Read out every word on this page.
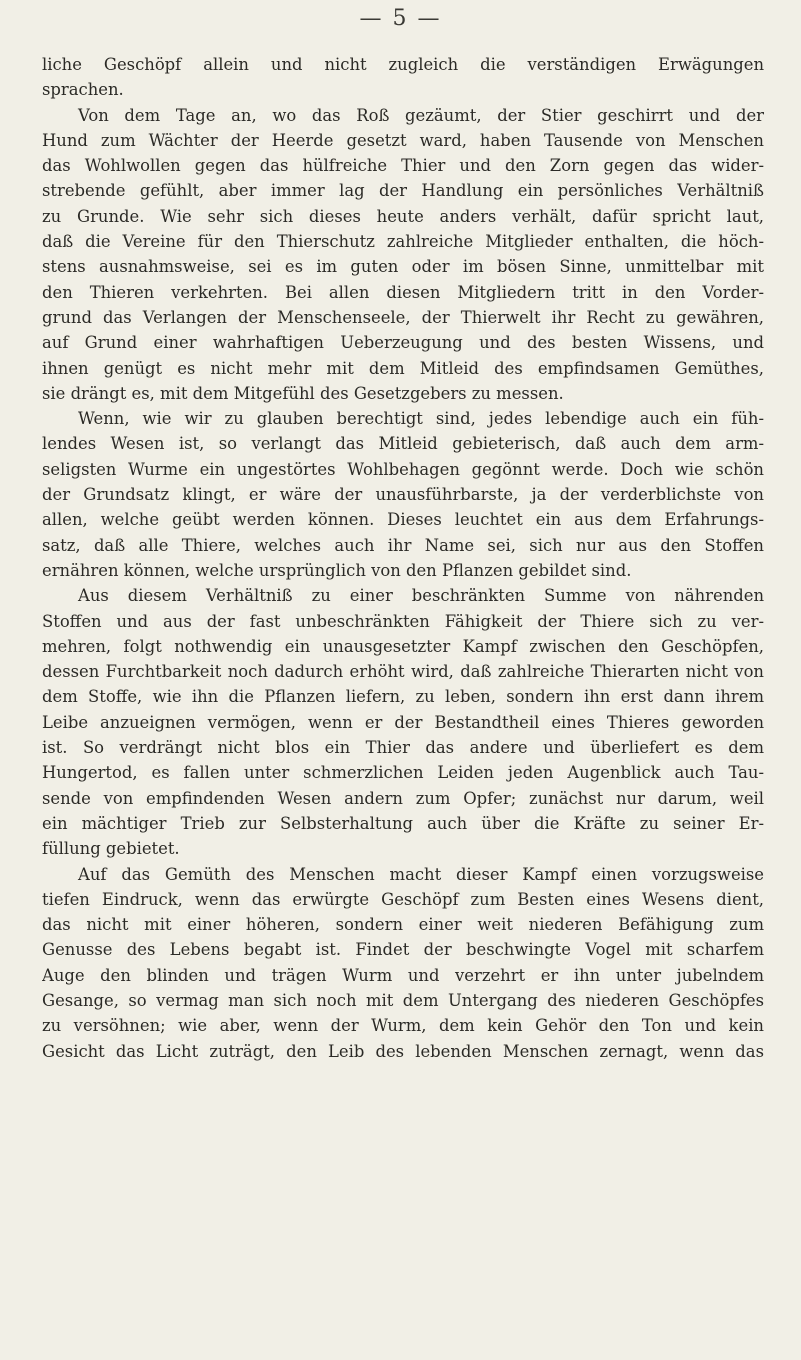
— 5 —
liche Geschöpf allein und nicht zugleich die verständigen Erwägungen
sprachen.
Von dem Tage an, wo das Roß gezäumt, der Stier geschirrt und der
Hund zum Wächter der Heerde gesetzt ward, haben Tausende von Menschen
das Wohlwollen gegen das hülfreiche Thier und den Zorn gegen das wider-
strebende gefühlt, aber immer lag der Handlung ein persönliches Verhältniß
zu Grunde. Wie sehr sich dieses heute anders verhält, dafür spricht laut,
daß die Vereine für den Thierschutz zahlreiche Mitglieder enthalten, die höch-
stens ausnahmsweise, sei es im guten oder im bösen Sinne, unmittelbar mit
den Thieren verkehrten. Bei allen diesen Mitgliedern tritt in den Vorder-
grund das Verlangen der Menschenseele, der Thierwelt ihr Recht zu gewähren,
auf Grund einer wahrhaftigen Ueberzeugung und des besten Wissens, und
ihnen genügt es nicht mehr mit dem Mitleid des empfindsamen Gemüthes,
sie drängt es, mit dem Mitgefühl des Gesetzgebers zu messen.
Wenn, wie wir zu glauben berechtigt sind, jedes lebendige auch ein füh-
lendes Wesen ist, so verlangt das Mitleid gebieterisch, daß auch dem arm-
seligsten Wurme ein ungestörtes Wohlbehagen gegönnt werde. Doch wie schön
der Grundsatz klingt, er wäre der unausführbarste, ja der verderblichste von
allen, welche geübt werden können. Dieses leuchtet ein aus dem Erfahrungs-
satz, daß alle Thiere, welches auch ihr Name sei, sich nur aus den Stoffen
ernähren können, welche ursprünglich von den Pflanzen gebildet sind.
Aus diesem Verhältniß zu einer beschränkten Summe von nährenden
Stoffen und aus der fast unbeschränkten Fähigkeit der Thiere sich zu ver-
mehren, folgt nothwendig ein unausgesetzter Kampf zwischen den Geschöpfen,
dessen Furchtbarkeit noch dadurch erhöht wird, daß zahlreiche Thierarten nicht von
dem Stoffe, wie ihn die Pflanzen liefern, zu leben, sondern ihn erst dann ihrem
Leibe anzueignen vermögen, wenn er der Bestandtheil eines Thieres geworden
ist. So verdrängt nicht blos ein Thier das andere und überliefert es dem
Hungertod, es fallen unter schmerzlichen Leiden jeden Augenblick auch Tau-
sende von empfindenden Wesen andern zum Opfer; zunächst nur darum, weil
ein mächtiger Trieb zur Selbsterhaltung auch über die Kräfte zu seiner Er-
füllung gebietet.
Auf das Gemüth des Menschen macht dieser Kampf einen vorzugsweise
tiefen Eindruck, wenn das erwürgte Geschöpf zum Besten eines Wesens dient,
das nicht mit einer höheren, sondern einer weit niederen Befähigung zum
Genusse des Lebens begabt ist. Findet der beschwingte Vogel mit scharfem
Auge den blinden und trägen Wurm und verzehrt er ihn unter jubelndem
Gesange, so vermag man sich noch mit dem Untergang des niederen Geschöpfes
zu versöhnen; wie aber, wenn der Wurm, dem kein Gehör den Ton und kein
Gesicht das Licht zuträgt, den Leib des lebenden Menschen zernagt, wenn das
